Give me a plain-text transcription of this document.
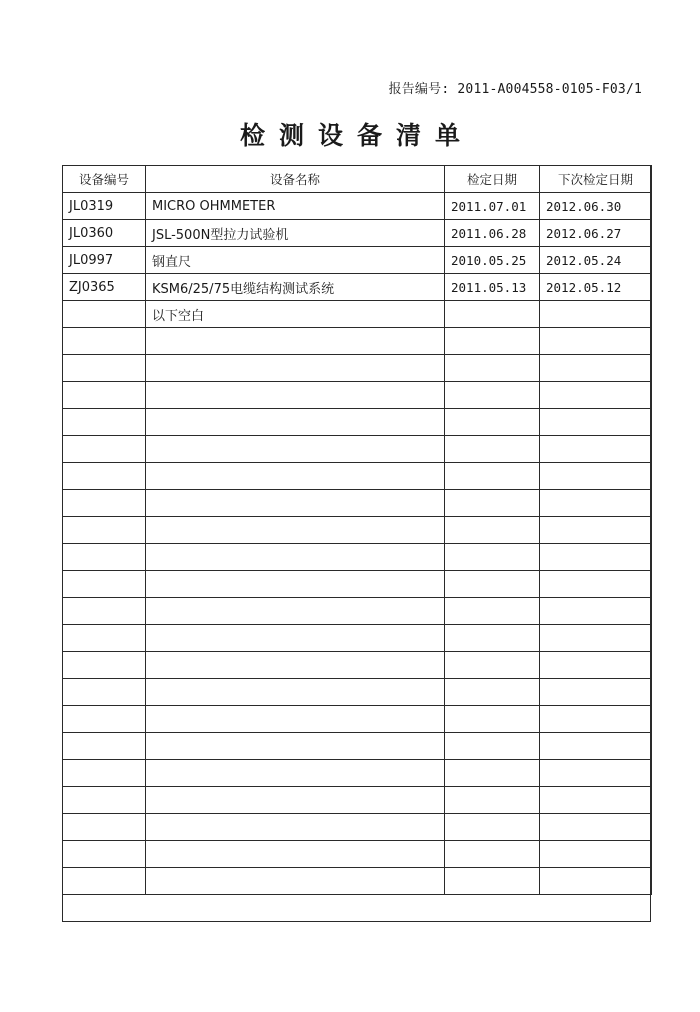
报告编号: 2011-A004558-0105-F03/1
检测设备清单
设备编号	设备名称	检定日期	下次检定日期
JL0319	MICRO OHMMETER	2011.07.01	2012.06.30
JL0360	JSL-500N型拉力试验机	2011.06.28	2012.06.27
JL0997	钢直尺	2010.05.25	2012.05.24
ZJ0365	KSM6/25/75电缆结构测试系统	2011.05.13	2012.05.12
	以下空白		
